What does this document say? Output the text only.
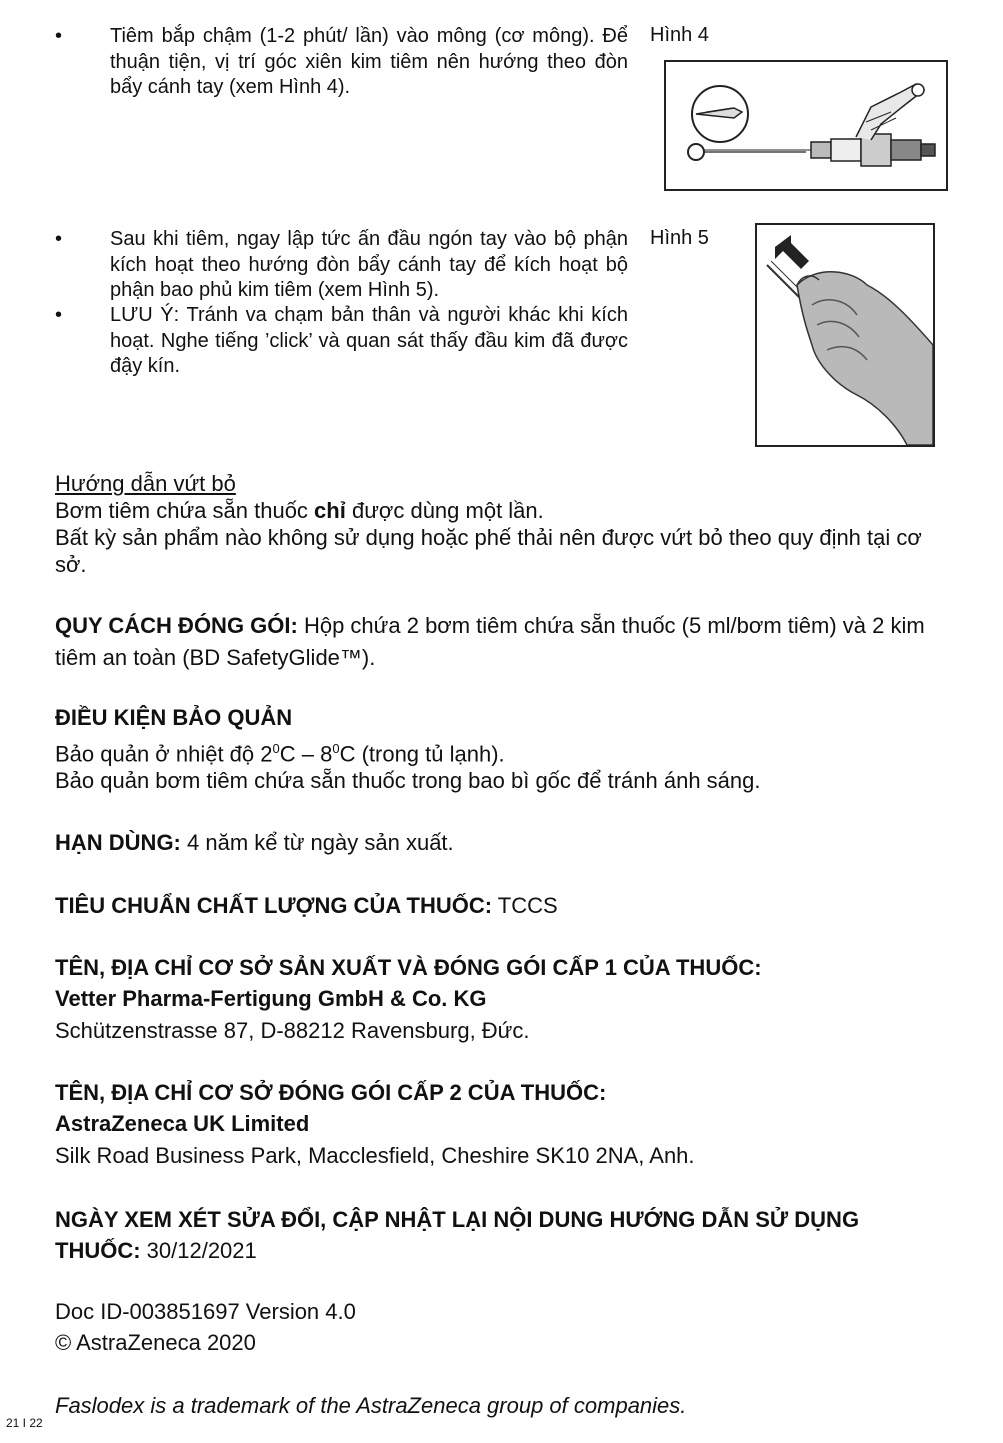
• Tiêm bắp chậm (1-2 phút/ lần) vào mông (cơ mông). Để thuận tiện, vị trí góc xiên kim tiêm nên hướng theo đòn bẩy cánh tay (xem Hình 4).
Hình 4
• Sau khi tiêm, ngay lập tức ấn đầu ngón tay vào bộ phận kích hoạt theo hướng đòn bẩy cánh tay để kích hoạt bộ phận bao phủ kim tiêm (xem Hình 5).
• LƯU Ý: Tránh va chạm bản thân và người khác khi kích hoạt. Nghe tiếng ’click’ và quan sát thấy đầu kim đã được đậy kín.
Hình 5
Hướng dẫn vứt bỏ
Bơm tiêm chứa sẵn thuốc chỉ được dùng một lần.
Bất kỳ sản phẩm nào không sử dụng hoặc phế thải nên được vứt bỏ theo quy định tại cơ sở.
QUY CÁCH ĐÓNG GÓI: Hộp chứa 2 bơm tiêm chứa sẵn thuốc (5 ml/bơm tiêm) và 2 kim tiêm an toàn (BD SafetyGlide™).
ĐIỀU KIỆN BẢO QUẢN
Bảo quản ở nhiệt độ $2^0C - 8^0C$ (trong tủ lạnh).
Bảo quản bơm tiêm chứa sẵn thuốc trong bao bì gốc để tránh ánh sáng.
HẠN DÙNG: 4 năm kể từ ngày sản xuất.
TIÊU CHUẨN CHẤT LƯỢNG CỦA THUỐC: TCCS
TÊN, ĐỊA CHỈ CƠ SỞ SẢN XUẤT VÀ ĐÓNG GÓI CẤP 1 CỦA THUỐC:
Vetter Pharma-Fertigung GmbH & Co. KG
Schützenstrasse 87, D-88212 Ravensburg, Đức.
TÊN, ĐỊA CHỈ CƠ SỞ ĐÓNG GÓI CẤP 2 CỦA THUỐC:
AstraZeneca UK Limited
Silk Road Business Park, Macclesfield, Cheshire SK10 2NA, Anh.
NGÀY XEM XÉT SỬA ĐỔI, CẬP NHẬT LẠI NỘI DUNG HƯỚNG DẪN SỬ DỤNG THUỐC: 30/12/2021
Doc ID-003851697 Version 4.0
© AstraZeneca 2020
Faslodex is a trademark of the AstraZeneca group of companies.
21 I 22
